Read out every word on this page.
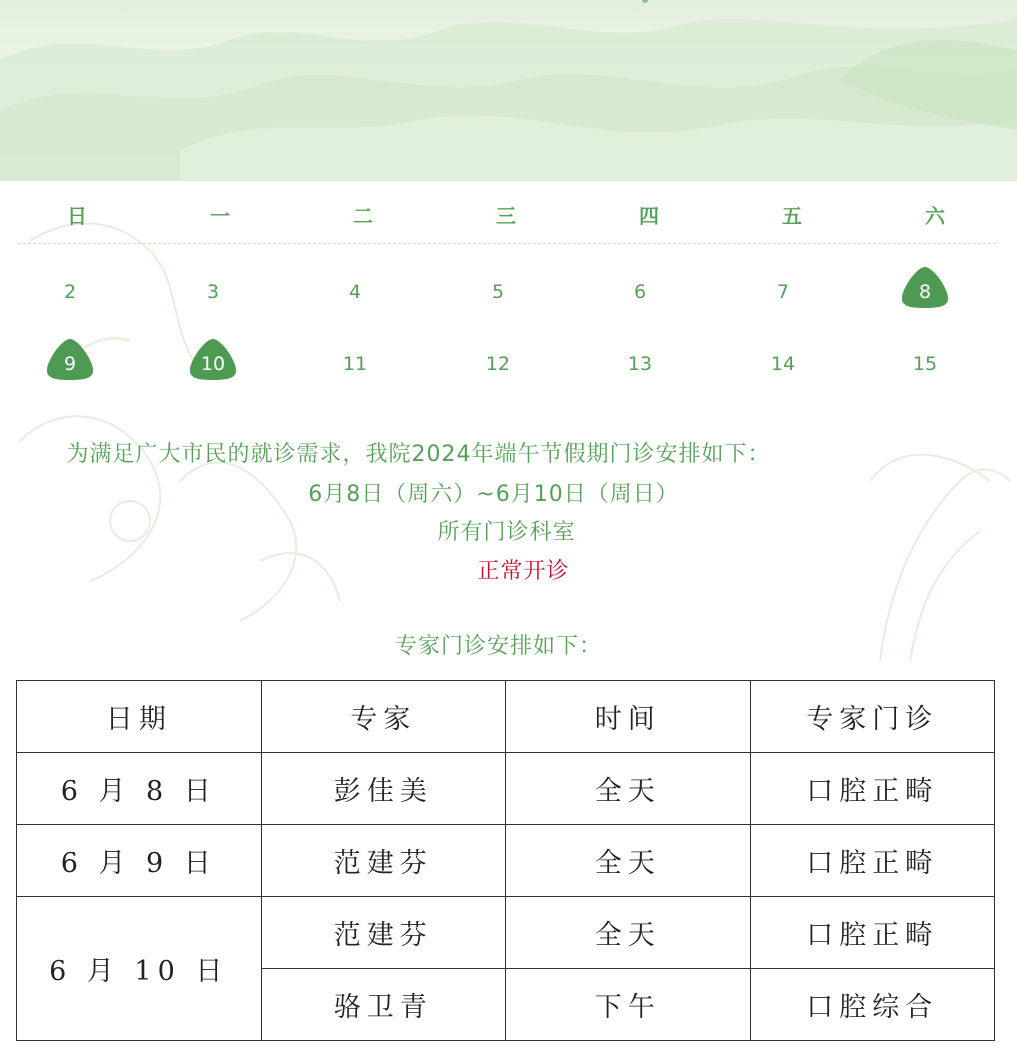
日	一	二	三	四	五	六
2	3	4	5	6	7	8
9	10	11	12	13	14	15
为满足广大市民的就诊需求，我院2024年端午节假期门诊安排如下：
6月8日（周六）~6月10日（周日）
所有门诊科室
正常开诊
专家门诊安排如下：
日期	专家	时间	专家门诊
6 月 8 日	彭佳美	全天	口腔正畸
6 月 9 日	范建芬	全天	口腔正畸
6 月 10 日	范建芬	全天	口腔正畸
	骆卫青	下午	口腔综合
